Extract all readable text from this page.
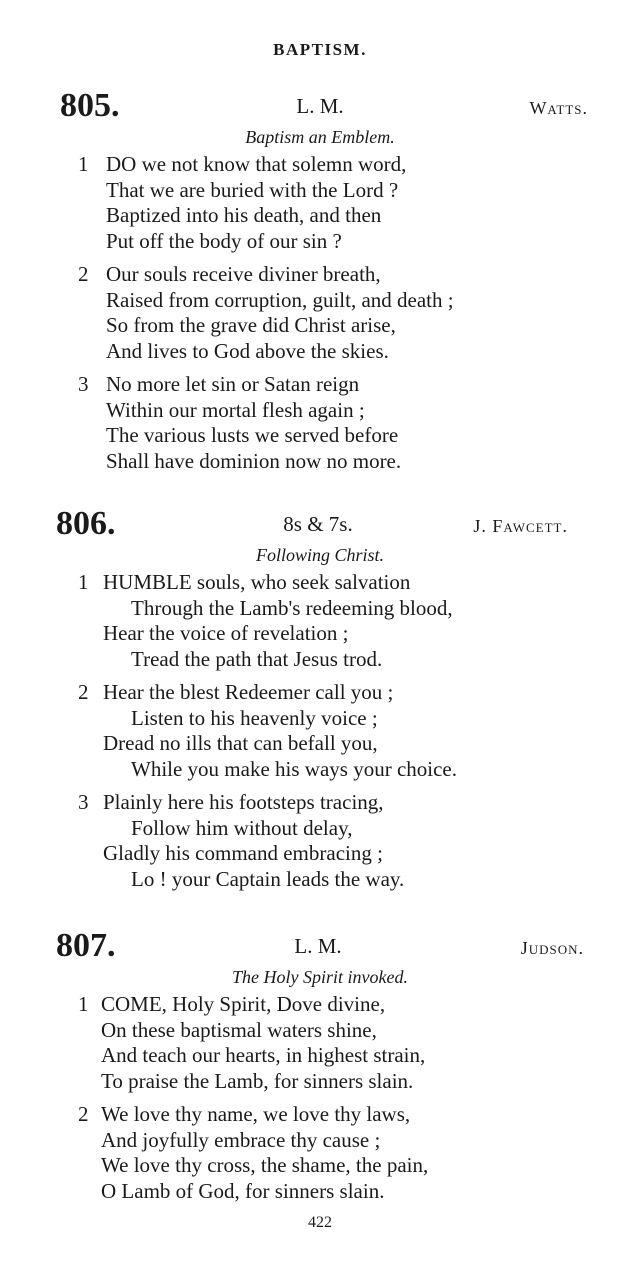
BAPTISM.
805.	L. M.	Watts.
Baptism an Emblem.
1 DO we not know that solemn word,
That we are buried with the Lord ?
Baptized into his death, and then
Put off the body of our sin ?
2 Our souls receive diviner breath,
Raised from corruption, guilt, and death ;
So from the grave did Christ arise,
And lives to God above the skies.
3 No more let sin or Satan reign
Within our mortal flesh again ;
The various lusts we served before
Shall have dominion now no more.
806.	8s & 7s.	J. Fawcett.
Following Christ.
1 HUMBLE souls, who seek salvation
Through the Lamb's redeeming blood,
Hear the voice of revelation ;
Tread the path that Jesus trod.
2 Hear the blest Redeemer call you ;
Listen to his heavenly voice ;
Dread no ills that can befall you,
While you make his ways your choice.
3 Plainly here his footsteps tracing,
Follow him without delay,
Gladly his command embracing ;
Lo ! your Captain leads the way.
807.	L. M.	Judson.
The Holy Spirit invoked.
1 COME, Holy Spirit, Dove divine,
On these baptismal waters shine,
And teach our hearts, in highest strain,
To praise the Lamb, for sinners slain.
2 We love thy name, we love thy laws,
And joyfully embrace thy cause ;
We love thy cross, the shame, the pain,
O Lamb of God, for sinners slain.
422
